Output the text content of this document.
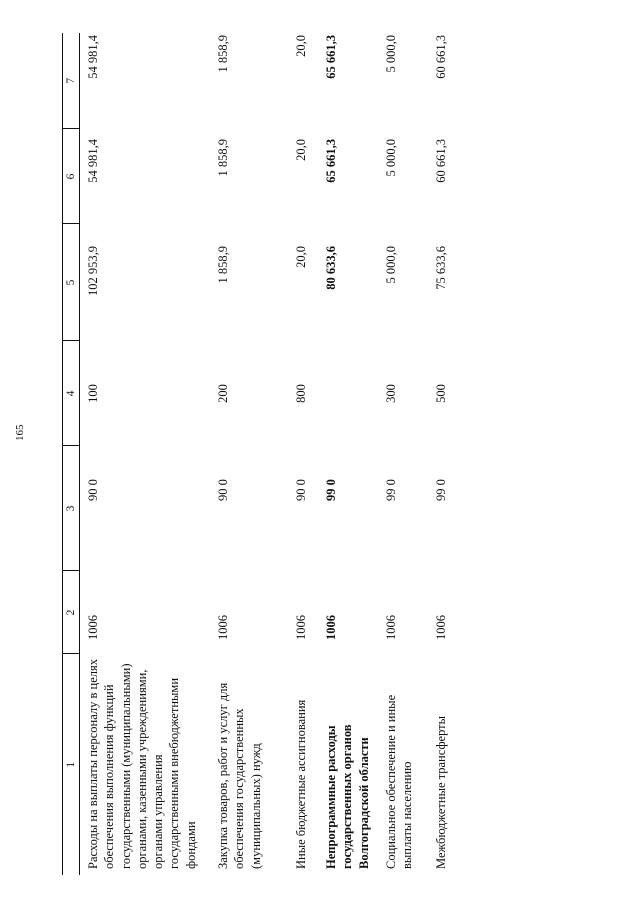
165
1	2	3	4	5	6	7
Расходы на выплаты персоналу в целях обеспечения выполнения функций государственными (муниципальными) органами, казенными учреждениями, органами управления государственными внебюджетными фондами	1006	90 0	100	102 953,9	54 981,4	54 981,4
Закупка товаров, работ и услуг для обеспечения государственных (муниципальных) нужд	1006	90 0	200	1 858,9	1 858,9	1 858,9
Иные бюджетные ассигнования	1006	90 0	800	20,0	20,0	20,0
Непрограммные расходы государственных органов Волгоградской области	1006	99 0		80 633,6	65 661,3	65 661,3
Социальное обеспечение и иные выплаты населению	1006	99 0	300	5 000,0	5 000,0	5 000,0
Межбюджетные трансферты	1006	99 0	500	75 633,6	60 661,3	60 661,3
